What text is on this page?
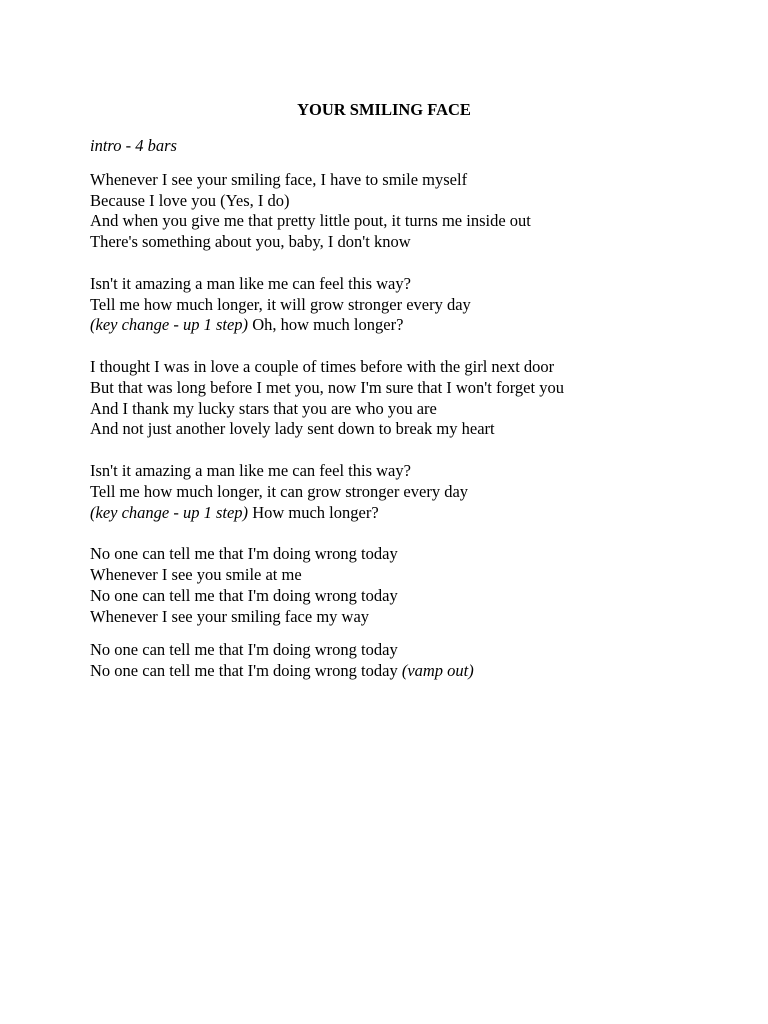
YOUR SMILING FACE
intro - 4 bars
Whenever I see your smiling face, I have to smile myself
Because I love you (Yes, I do)
And when you give me that pretty little pout, it turns me inside out
There's something about you, baby, I don't know
Isn't it amazing a man like me can feel this way?
Tell me how much longer, it will grow stronger every day
(key change - up 1 step) Oh, how much longer?
I thought I was in love a couple of times before with the girl next door
But that was long before I met you, now I'm sure that I won't forget you
And I thank my lucky stars that you are who you are
And not just another lovely lady sent down to break my heart
Isn't it amazing a man like me can feel this way?
Tell me how much longer, it can grow stronger every day
(key change - up 1 step) How much longer?
No one can tell me that I'm doing wrong today
Whenever I see you smile at me
No one can tell me that I'm doing wrong today
Whenever I see your smiling face my way
No one can tell me that I'm doing wrong today
No one can tell me that I'm doing wrong today (vamp out)
